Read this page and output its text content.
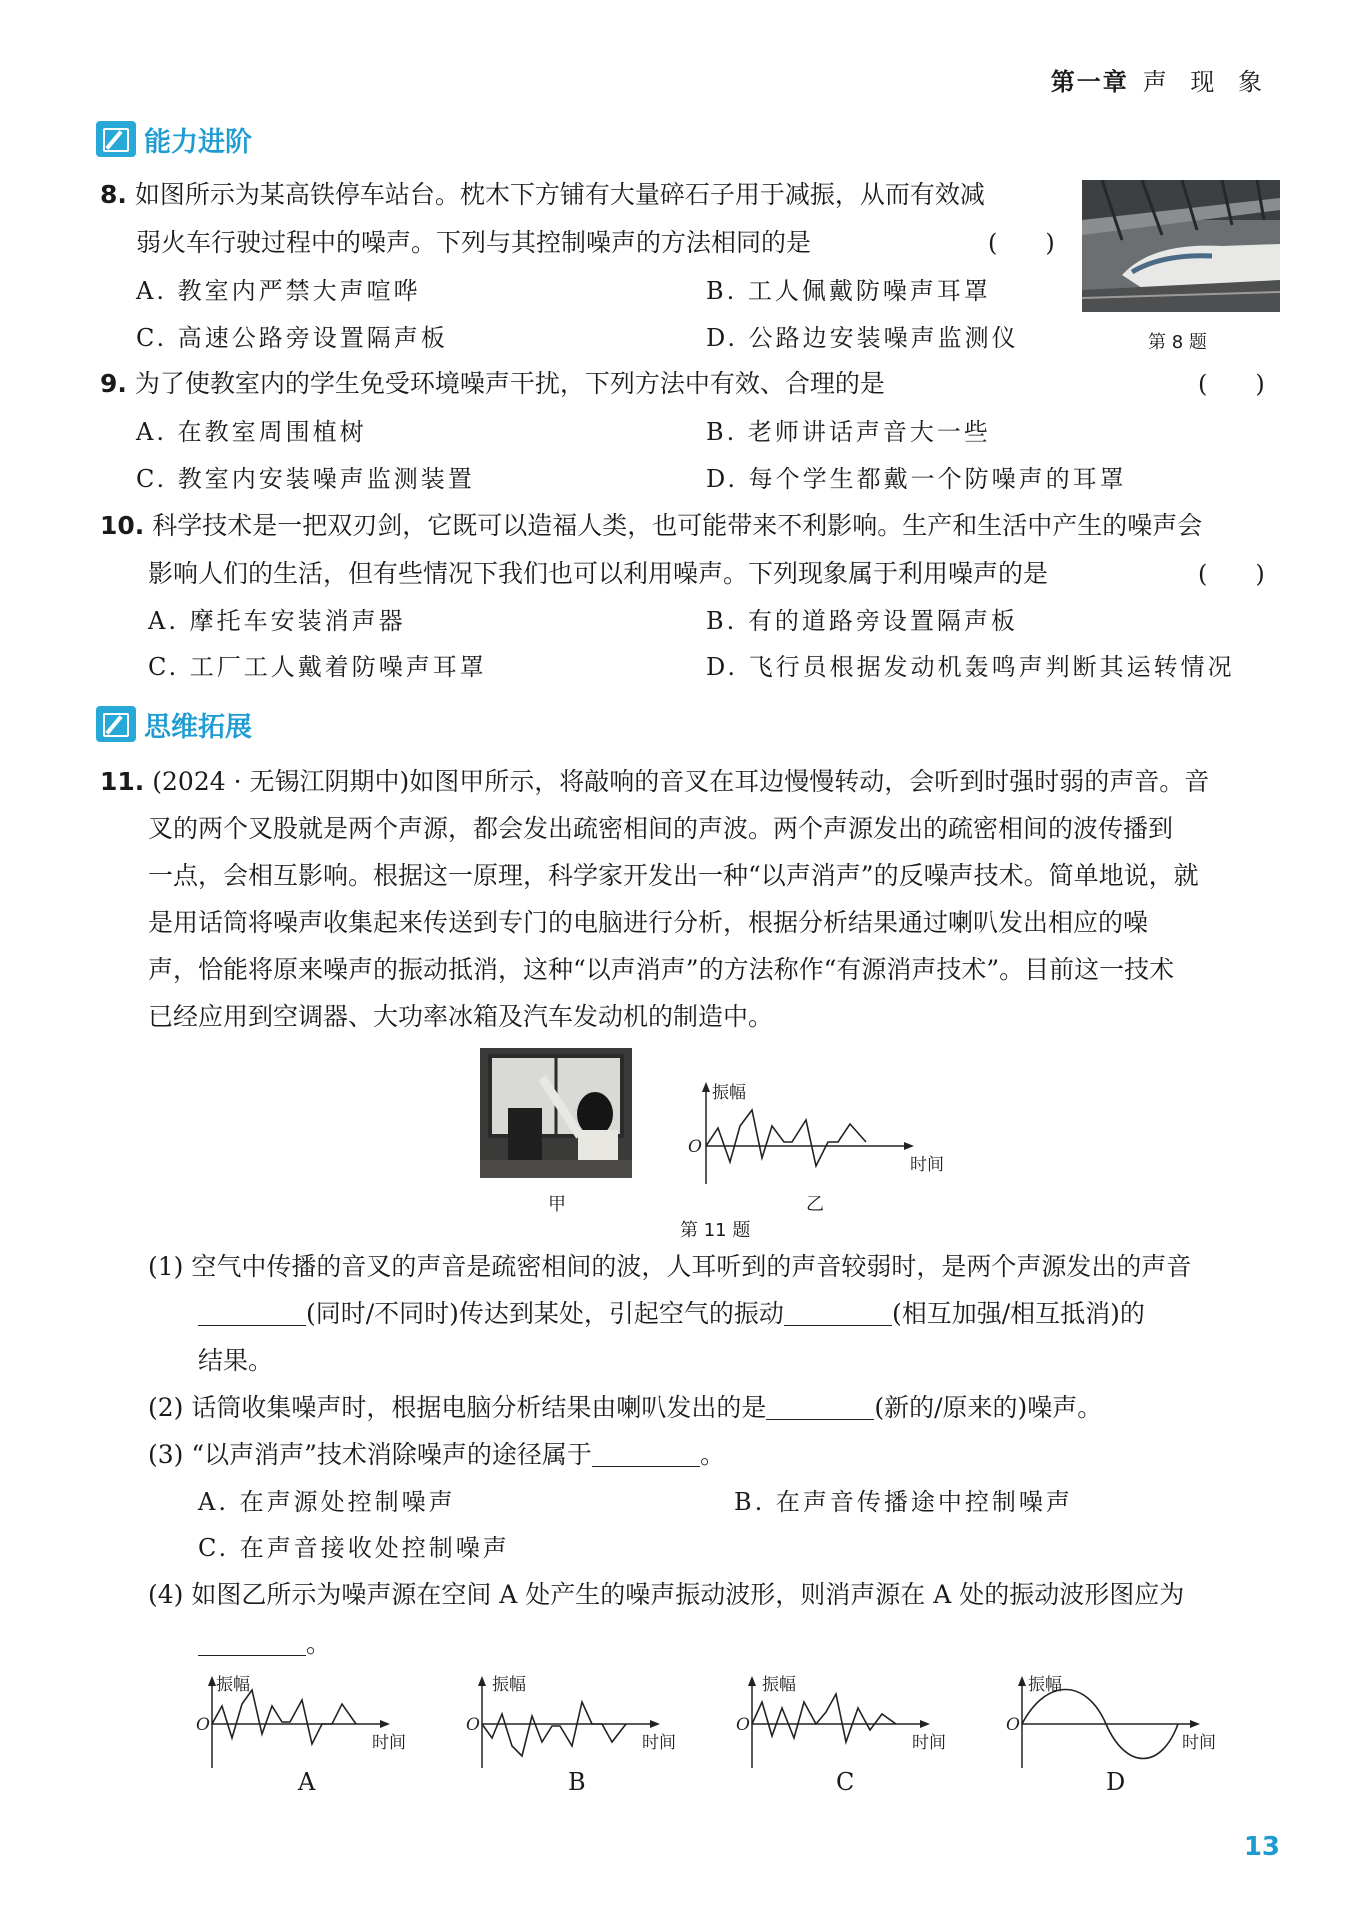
第一章 声 现 象
能力进阶
8. 如图所示为某高铁停车站台。枕木下方铺有大量碎石子用于减振，从而有效减
弱火车行驶过程中的噪声。下列与其控制噪声的方法相同的是	(　　)
A. 教室内严禁大声喧哗	B. 工人佩戴防噪声耳罩
C. 高速公路旁设置隔声板	D. 公路边安装噪声监测仪	第 8 题
9. 为了使教室内的学生免受环境噪声干扰，下列方法中有效、合理的是	(　　)
A. 在教室周围植树	B. 老师讲话声音大一些
C. 教室内安装噪声监测装置	D. 每个学生都戴一个防噪声的耳罩
10. 科学技术是一把双刃剑，它既可以造福人类，也可能带来不利影响。生产和生活中产生的噪声会
影响人们的生活，但有些情况下我们也可以利用噪声。下列现象属于利用噪声的是	(　　)
A. 摩托车安装消声器	B. 有的道路旁设置隔声板
C. 工厂工人戴着防噪声耳罩	D. 飞行员根据发动机轰鸣声判断其运转情况
思维拓展
11. (2024 · 无锡江阴期中)如图甲所示，将敲响的音叉在耳边慢慢转动，会听到时强时弱的声音。音
叉的两个叉股就是两个声源，都会发出疏密相间的声波。两个声源发出的疏密相间的波传播到
一点，会相互影响。根据这一原理，科学家开发出一种“以声消声”的反噪声技术。简单地说，就
是用话筒将噪声收集起来传送到专门的电脑进行分析，根据分析结果通过喇叭发出相应的噪
声，恰能将原来噪声的振动抵消，这种“以声消声”的方法称作“有源消声技术”。目前这一技术
已经应用到空调器、大功率冰箱及汽车发动机的制造中。
甲
振幅
O
时间
乙
第 11 题
(1) 空气中传播的音叉的声音是疏密相间的波，人耳听到的声音较弱时，是两个声源发出的声音
(同时/不同时)传达到某处，引起空气的振动	(相互加强/相互抵消)的
结果。
(2) 话筒收集噪声时，根据电脑分析结果由喇叭发出的是	(新的/原来的)噪声。
(3) “以声消声”技术消除噪声的途径属于	。
A. 在声源处控制噪声	B. 在声音传播途中控制噪声
C. 在声音接收处控制噪声
(4) 如图乙所示为噪声源在空间 A 处产生的噪声振动波形，则消声源在 A 处的振动波形图应为
。
振幅
O
时间
A
振幅
O
时间
B
振幅
O
时间
C
振幅
O
时间
D
13
